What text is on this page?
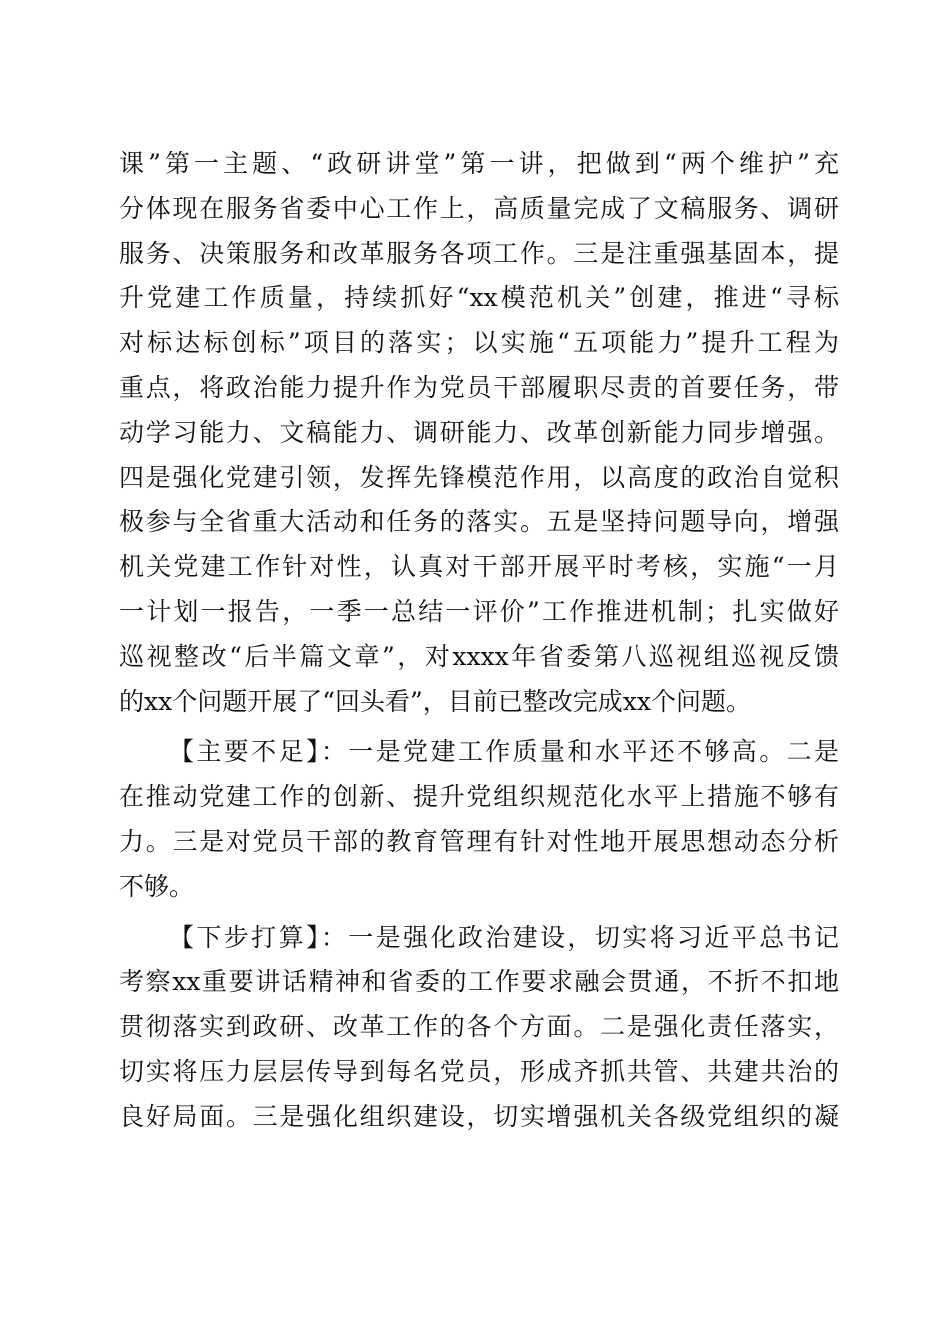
课”第一主题、“政研讲堂”第一讲，把做到“两个维护”充
分体现在服务省委中心工作上，高质量完成了文稿服务、调研
服务、决策服务和改革服务各项工作。三是注重强基固本，提
升党建工作质量，持续抓好“xx模范机关”创建，推进“寻标
对标达标创标”项目的落实；以实施“五项能力”提升工程为
重点，将政治能力提升作为党员干部履职尽责的首要任务，带
动学习能力、文稿能力、调研能力、改革创新能力同步增强。
四是强化党建引领，发挥先锋模范作用，以高度的政治自觉积
极参与全省重大活动和任务的落实。五是坚持问题导向，增强
机关党建工作针对性，认真对干部开展平时考核，实施“一月
一计划一报告，一季一总结一评价”工作推进机制；扎实做好
巡视整改“后半篇文章”，对xxxx年省委第八巡视组巡视反馈
的xx个问题开展了“回头看”，目前已整改完成xx个问题。
【主要不足】：一是党建工作质量和水平还不够高。二是
在推动党建工作的创新、提升党组织规范化水平上措施不够有
力。三是对党员干部的教育管理有针对性地开展思想动态分析
不够。
【下步打算】：一是强化政治建设，切实将习近平总书记
考察xx重要讲话精神和省委的工作要求融会贯通，不折不扣地
贯彻落实到政研、改革工作的各个方面。二是强化责任落实，
切实将压力层层传导到每名党员，形成齐抓共管、共建共治的
良好局面。三是强化组织建设，切实增强机关各级党组织的凝
